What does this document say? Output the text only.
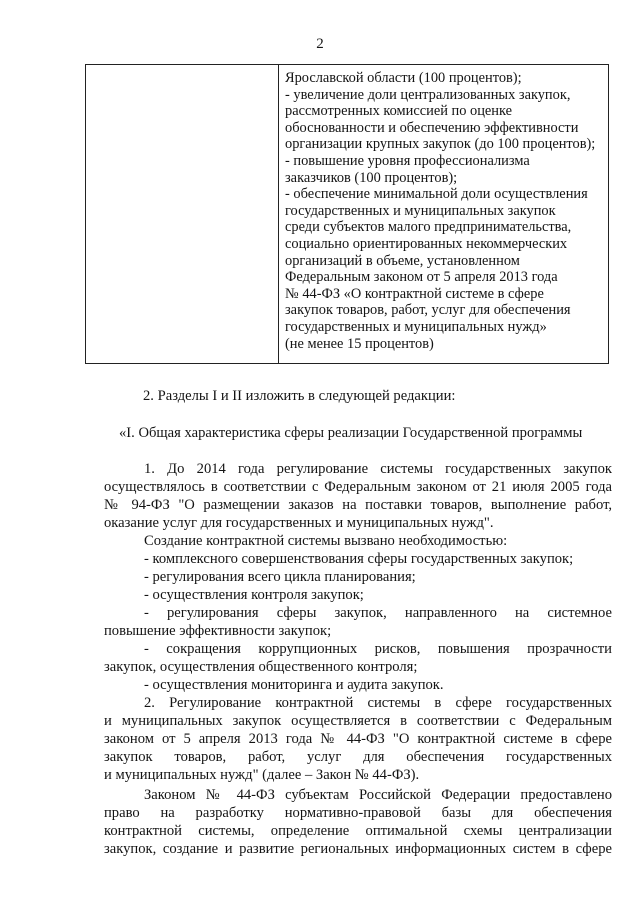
2
Ярославской области (100 процентов);
- увеличение доли централизованных закупок,
рассмотренных комиссией по оценке
обоснованности и обеспечению эффективности
организации крупных закупок (до 100 процентов);
- повышение уровня профессионализма
заказчиков (100 процентов);
- обеспечение минимальной доли осуществления
государственных и муниципальных закупок
среди субъектов малого предпринимательства,
социально ориентированных некоммерческих
организаций в объеме, установленном
Федеральным законом от 5 апреля 2013 года
№ 44-ФЗ «О контрактной системе в сфере
закупок товаров, работ, услуг для обеспечения
государственных и муниципальных нужд»
(не менее 15 процентов)
2. Разделы I и II изложить в следующей редакции:
«I. Общая характеристика сферы реализации Государственной программы
1. До 2014 года регулирование системы государственных закупок
осуществлялось в соответствии с Федеральным законом от 21 июля 2005 года
№ 94-ФЗ "О размещении заказов на поставки товаров, выполнение работ,
оказание услуг для государственных и муниципальных нужд".
Создание контрактной системы вызвано необходимостью:
- комплексного совершенствования сферы государственных закупок;
- регулирования всего цикла планирования;
- осуществления контроля закупок;
-   регулирования   сферы   закупок,   направленного   на   системное
повышение эффективности закупок;
-   сокращения   коррупционных   рисков,   повышения   прозрачности
закупок, осуществления общественного контроля;
- осуществления мониторинга и аудита закупок.
2. Регулирование контрактной системы в сфере государственных
и муниципальных закупок осуществляется в соответствии с Федеральным
законом от 5 апреля 2013 года № 44-ФЗ "О контрактной системе в сфере
закупок товаров, работ, услуг для обеспечения государственных
и муниципальных нужд" (далее – Закон № 44-ФЗ).
Законом № 44-ФЗ субъектам Российской Федерации предоставлено
право на разработку нормативно-правовой базы для обеспечения
контрактной системы, определение оптимальной схемы централизации
закупок, создание и развитие региональных информационных систем в сфере
